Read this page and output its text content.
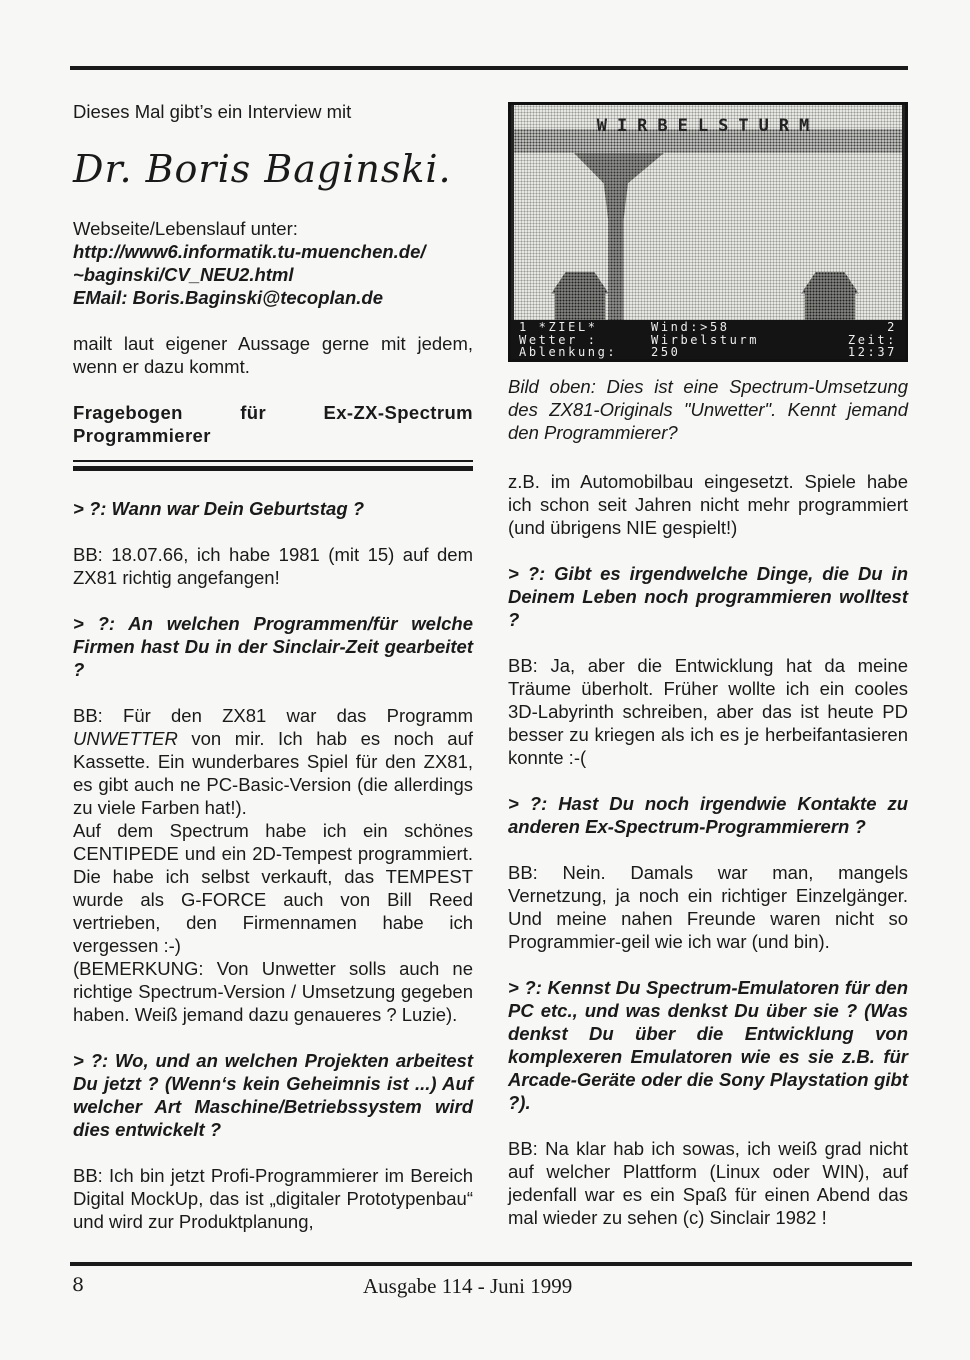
Dieses Mal gibt’s ein Interview mit

Dr. Boris Baginski.

Webseite/Lebenslauf unter:

http://www6.informatik.tu-muenchen.de/

~baginski/CV_NEU2.html

EMail: Boris.Baginski@tecoplan.de

mailt laut eigener Aussage gerne mit jedem, wenn er dazu kommt.

Fragebogen für Ex-ZX-Spectrum Programmierer

> ?: Wann war Dein Geburtstag ?

BB: 18.07.66, ich habe 1981 (mit 15) auf dem ZX81 richtig angefangen!

> ?: An welchen Programmen/für welche Firmen hast Du in der Sinclair-Zeit gearbeitet ?

BB: Für den ZX81 war das Programm UNWETTER von mir. Ich hab es noch auf Kassette. Ein wunderbares Spiel für den ZX81, es gibt auch ne PC-Basic-Version (die allerdings zu viele Farben hat!).

Auf dem Spectrum habe ich ein schönes CENTIPEDE und ein 2D-Tempest programmiert. Die habe ich selbst verkauft, das TEMPEST wurde als G-FORCE auch von Bill Reed vertrieben, den Firmennamen habe ich vergessen :-)

(BEMERKUNG: Von Unwetter solls auch ne richtige Spectrum-Version / Umsetzung gegeben haben. Weiß jemand dazu genaueres ? Luzie).

> ?: Wo, und an welchen Projekten arbeitest Du jetzt ? (Wenn‘s kein Geheimnis ist ...) Auf welcher Art Maschine/Betriebssystem wird dies entwickelt ?

BB: Ich bin jetzt Profi-Programmierer im Bereich Digital MockUp, das ist „digitaler Prototypenbau“ und wird zur Produktplanung,

WIRBELSTURM
1 *ZIEL*	Wind:>58	2
Wetter :	Wirbelsturm	Zeit:
Ablenkung:	250	12:37

Bild oben: Dies ist eine Spectrum-Umsetzung des ZX81-Originals "Unwetter". Kennt jemand den Programmierer?

z.B. im Automobilbau eingesetzt. Spiele habe ich schon seit Jahren nicht mehr programmiert (und übrigens NIE gespielt!)

> ?: Gibt es irgendwelche Dinge, die Du in Deinem Leben noch programmieren wolltest ?

BB: Ja, aber die Entwicklung hat da meine Träume überholt. Früher wollte ich ein cooles 3D-Labyrinth schreiben, aber das ist heute PD besser zu kriegen als ich es je herbeifantasieren konnte :-(

> ?: Hast Du noch irgendwie Kontakte zu anderen Ex-Spectrum-Programmierern ?

BB: Nein. Damals war man, mangels Vernetzung, ja noch ein richtiger Einzelgänger. Und meine nahen Freunde waren nicht so Programmier-geil wie ich war (und bin).

> ?: Kennst Du Spectrum-Emulatoren für den PC etc., und was denkst Du über sie ? (Was denkst Du über die Entwicklung von komplexeren Emulatoren wie es sie z.B. für Arcade-Geräte oder die Sony Playstation gibt ?).

BB: Na klar hab ich sowas, ich weiß grad nicht auf welcher Plattform (Linux oder WIN), auf jedenfall war es ein Spaß für einen Abend das mal wieder zu sehen (c) Sinclair 1982 !

8	Ausgabe 114 - Juni 1999
